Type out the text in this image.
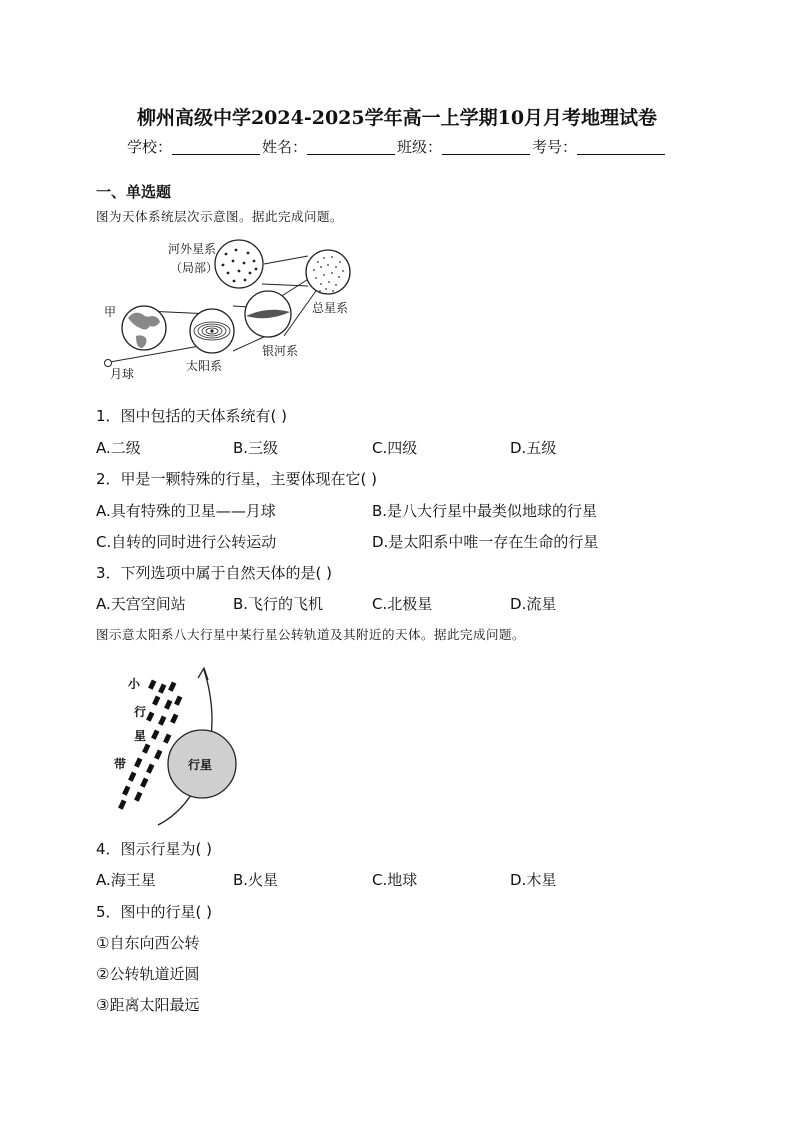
柳州高级中学2024-2025学年高一上学期10月月考地理试卷
学校：	姓名：	班级：	考号：
一、单选题
图为天体系统层次示意图。据此完成问题。
河外星系
（局部）
甲
月球
太阳系
银河系
总星系
1．图中包括的天体系统有( )
A.二级	B.三级	C.四级	D.五级
2．甲是一颗特殊的行星，主要体现在它( )
A.具有特殊的卫星——月球	B.是八大行星中最类似地球的行星
C.自转的同时进行公转运动	D.是太阳系中唯一存在生命的行星
3．下列选项中属于自然天体的是( )
A.天宫空间站	B.飞行的飞机	C.北极星	D.流星
图示意太阳系八大行星中某行星公转轨道及其附近的天体。据此完成问题。
小
行
星
带	行星
4．图示行星为( )
A.海王星	B.火星	C.地球	D.木星
5．图中的行星( )
①自东向西公转
②公转轨道近圆
③距离太阳最远
